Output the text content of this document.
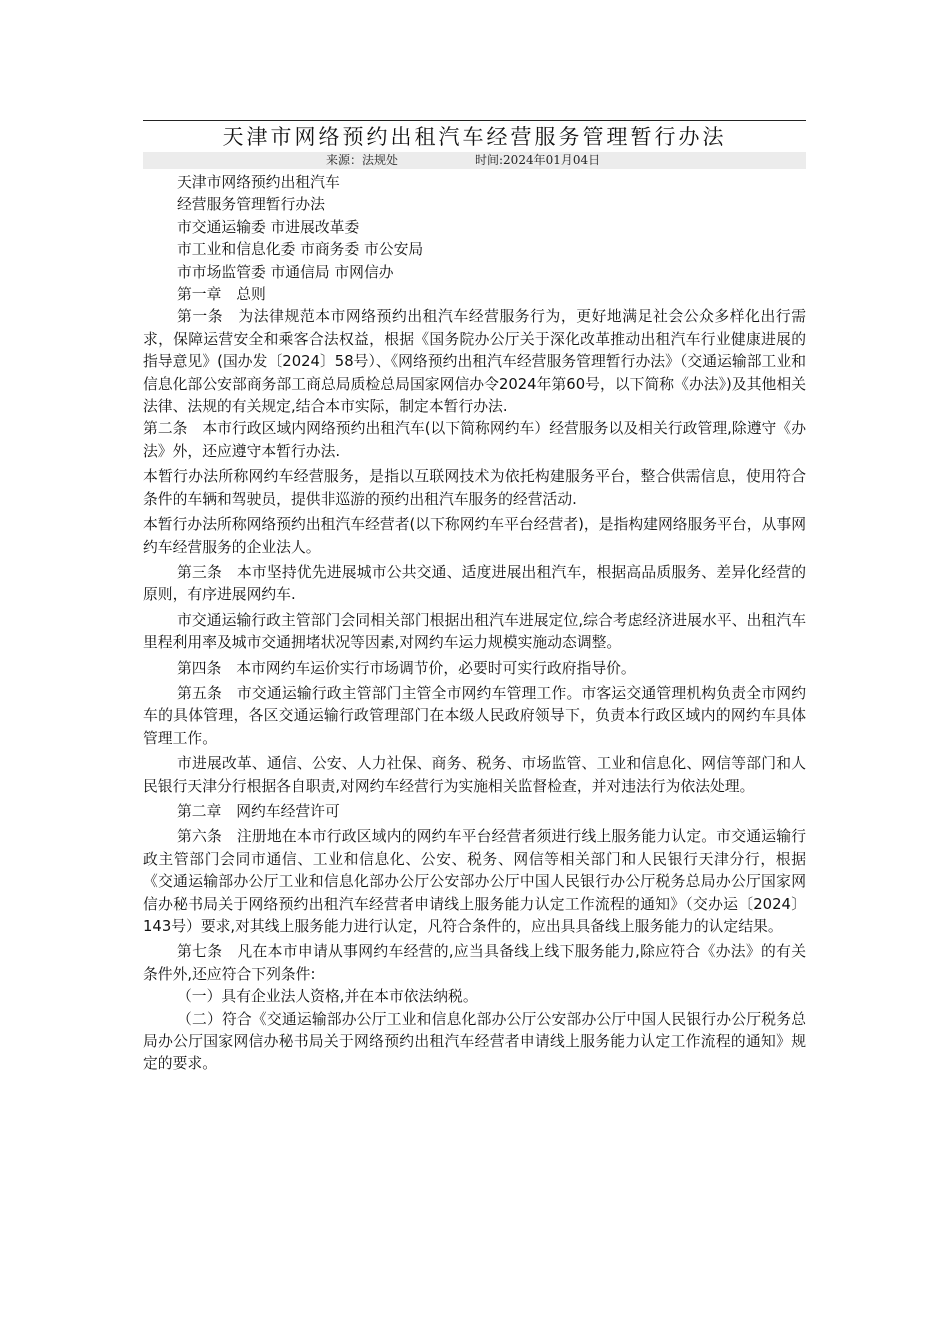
天津市网络预约出租汽车经营服务管理暂行办法
来源：法规处	时间:2024年01月04日

天津市网络预约出租汽车

经营服务管理暂行办法

市交通运输委 市进展改革委

市工业和信息化委 市商务委 市公安局

市市场监管委 市通信局 市网信办

第一章　总则

第一条　为法律规范本市网络预约出租汽车经营服务行为，更好地满足社会公众多样化出行需求，保障运营安全和乘客合法权益，根据《国务院办公厅关于深化改革推动出租汽车行业健康进展的指导意见》(国办发〔2024〕58号）、《网络预约出租汽车经营服务管理暂行办法》（交通运输部工业和信息化部公安部商务部工商总局质检总局国家网信办令2024年第60号，以下简称《办法》)及其他相关法律、法规的有关规定,结合本市实际，制定本暂行办法.

第二条　本市行政区域内网络预约出租汽车(以下简称网约车）经营服务以及相关行政管理,除遵守《办法》外，还应遵守本暂行办法.

本暂行办法所称网约车经营服务，是指以互联网技术为依托构建服务平台，整合供需信息，使用符合条件的车辆和驾驶员，提供非巡游的预约出租汽车服务的经营活动.

本暂行办法所称网络预约出租汽车经营者(以下称网约车平台经营者)，是指构建网络服务平台，从事网约车经营服务的企业法人。

第三条　本市坚持优先进展城市公共交通、适度进展出租汽车，根据高品质服务、差异化经营的原则，有序进展网约车.

市交通运输行政主管部门会同相关部门根据出租汽车进展定位,综合考虑经济进展水平、出租汽车里程利用率及城市交通拥堵状况等因素,对网约车运力规模实施动态调整。

第四条　本市网约车运价实行市场调节价，必要时可实行政府指导价。

第五条　市交通运输行政主管部门主管全市网约车管理工作。市客运交通管理机构负责全市网约车的具体管理，各区交通运输行政管理部门在本级人民政府领导下，负责本行政区域内的网约车具体管理工作。

市进展改革、通信、公安、人力社保、商务、税务、市场监管、工业和信息化、网信等部门和人民银行天津分行根据各自职责,对网约车经营行为实施相关监督检查，并对违法行为依法处理。

第二章　网约车经营许可

第六条　注册地在本市行政区域内的网约车平台经营者须进行线上服务能力认定。市交通运输行政主管部门会同市通信、工业和信息化、公安、税务、网信等相关部门和人民银行天津分行，根据《交通运输部办公厅工业和信息化部办公厅公安部办公厅中国人民银行办公厅税务总局办公厅国家网信办秘书局关于网络预约出租汽车经营者申请线上服务能力认定工作流程的通知》（交办运〔2024〕143号）要求,对其线上服务能力进行认定，凡符合条件的，应出具具备线上服务能力的认定结果。

第七条　凡在本市申请从事网约车经营的,应当具备线上线下服务能力,除应符合《办法》的有关条件外,还应符合下列条件:

（一）具有企业法人资格,并在本市依法纳税。

（二）符合《交通运输部办公厅工业和信息化部办公厅公安部办公厅中国人民银行办公厅税务总局办公厅国家网信办秘书局关于网络预约出租汽车经营者申请线上服务能力认定工作流程的通知》规定的要求。
